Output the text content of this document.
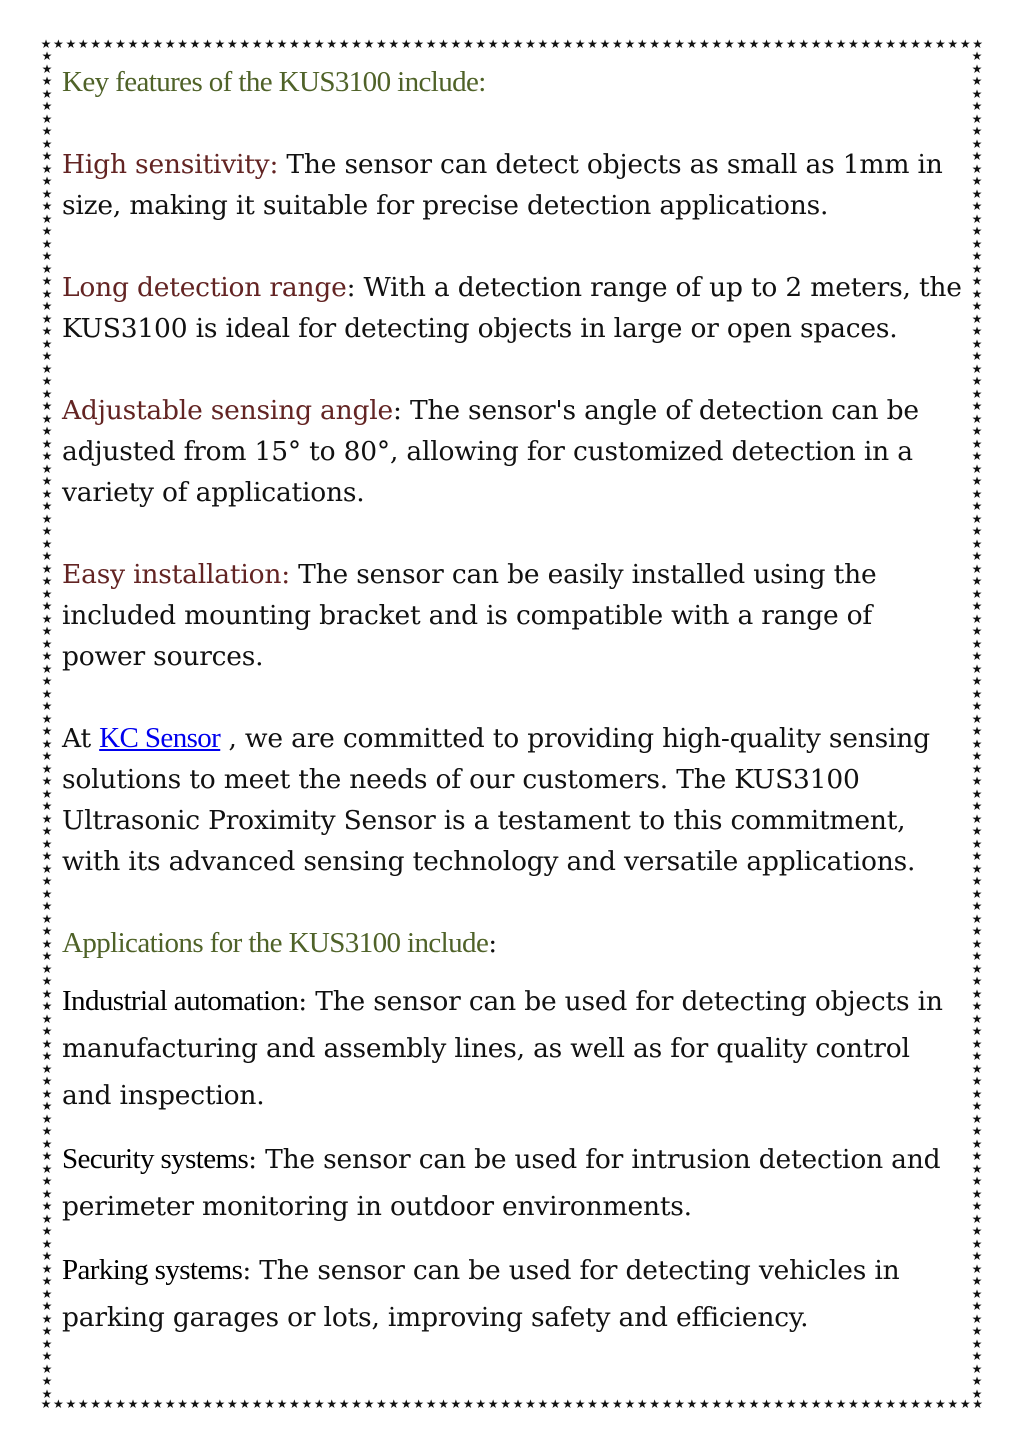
★ ★ ★ ★ ★ ★ ★ ★ ★ ★ ★ ★ ★ ★ ★ ★ ★ ★ ★ ★ ★ ★ ★ ★ ★ ★ ★ ★ ★ ★ ★ ★ ★ ★ ★ ★ ★ ★ ★ ★ ★ ★ ★ ★ ★ ★ ★ ★ ★ ★ ★ ★ ★ ★ ★ ★ ★ ★ ★ ★ ★ ★ ★ ★ ★ ★ ★ ★ ★ ★ ★ ★ ★ ★ ★ ★
★ ★ ★ ★ ★ ★ ★ ★ ★ ★ ★ ★ ★ ★ ★ ★ ★ ★ ★ ★ ★ ★ ★ ★ ★ ★ ★ ★ ★ ★ ★ ★ ★ ★ ★ ★ ★ ★ ★ ★ ★ ★ ★ ★ ★ ★ ★ ★ ★ ★ ★ ★ ★ ★ ★ ★ ★ ★ ★ ★ ★ ★ ★ ★ ★ ★ ★ ★ ★ ★ ★ ★ ★ ★ ★ ★
★
★
★
★
★
★
★
★
★
★
★
★
★
★
★
★
★
★
★
★
★
★
★
★
★
★
★
★
★
★
★
★
★
★
★
★
★
★
★
★
★
★
★
★
★
★
★
★
★
★
★
★
★
★
★
★
★
★
★
★
★
★
★
★
★
★
★
★
★
★
★
★
★
★
★
★
★
★
★
★
★
★
★
★
★
★
★
★
★
★
★
★
★
★
★
★
★
★
★
★
★
★
★
★
★
★
★
★
★
★
★
★
★
★
★
★
★
★
★
★
★
★
★
★
★
★
★
★
★
★
★
★
★
★
★
★
★
★
★
★
★
★
★
★
★
★
★
★
★
★
★
★
★
★
★
★
★
★
★
★
★
★
★
★
★
★
★
★
★
★
★
★
★
★
★
★
★
★
★
★
★
★
★
★
★
★
★
★
★
★
★
★
★
★
★
★
★
★
★
★
★
★
★
★
★
★
★
★
★
★
★
★
★
★
★
★

Key features of the KUS3100 include:

High sensitivity: The sensor can detect objects as small as 1mm in size, making it suitable for precise detection applications.

Long detection range: With a detection range of up to 2 meters, the KUS3100 is ideal for detecting objects in large or open spaces.

Adjustable sensing angle: The sensor's angle of detection can be adjusted from 15° to 80°, allowing for customized detection in a variety of applications.

Easy installation: The sensor can be easily installed using the included mounting bracket and is compatible with a range of power sources.

At KC Sensor , we are committed to providing high-quality sensing solutions to meet the needs of our customers. The KUS3100 Ultrasonic Proximity Sensor is a testament to this commitment, with its advanced sensing technology and versatile applications.

Applications for the KUS3100 include:

Industrial automation: The sensor can be used for detecting objects in manufacturing and assembly lines, as well as for quality control and inspection.

Security systems: The sensor can be used for intrusion detection and perimeter monitoring in outdoor environments.

Parking systems: The sensor can be used for detecting vehicles in parking garages or lots, improving safety and efficiency.
